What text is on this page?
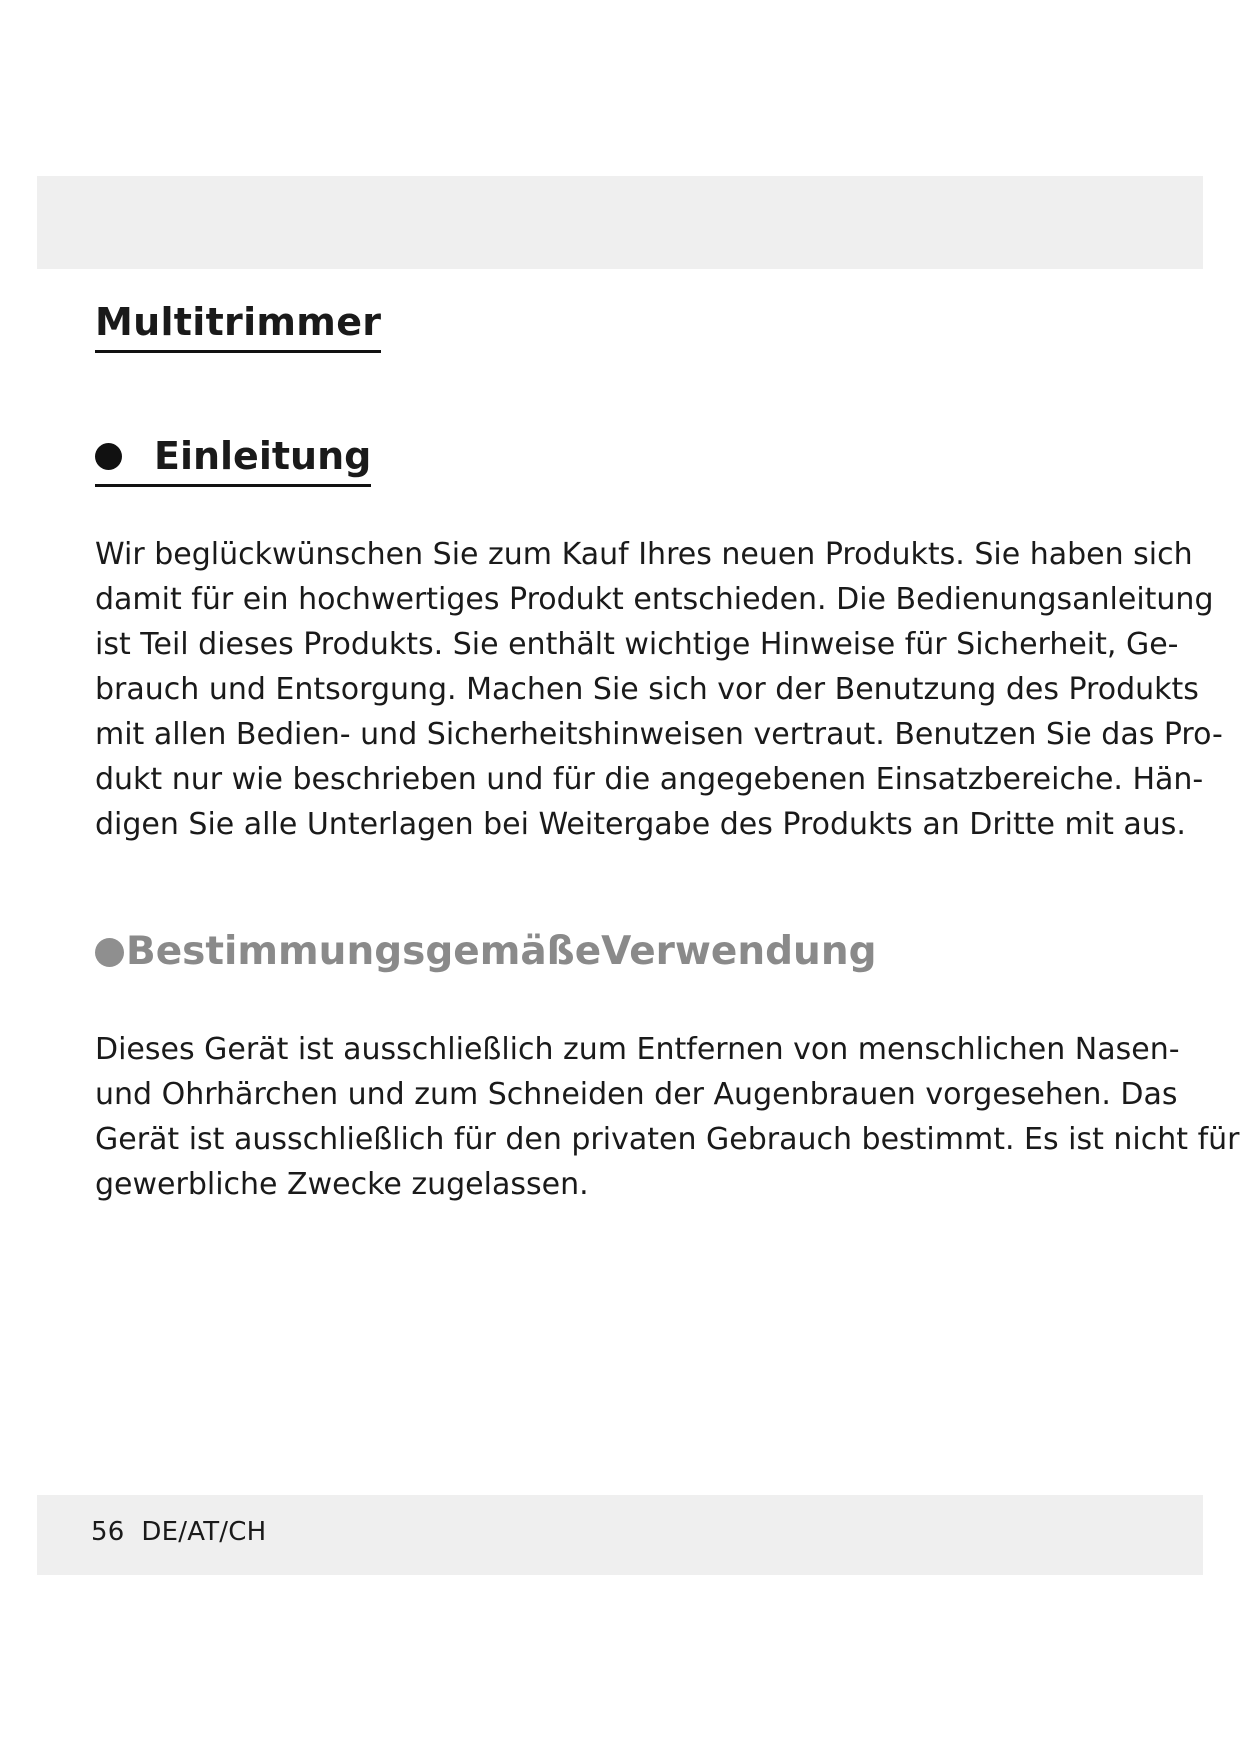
Multitrimmer
Einleitung

Wir beglückwünschen Sie zum Kauf Ihres neuen Produkts. Sie haben sich
damit für ein hochwertiges Produkt entschieden. Die Bedienungsanleitung
ist Teil dieses Produkts. Sie enthält wichtige Hinweise für Sicherheit, Ge-
brauch und Entsorgung. Machen Sie sich vor der Benutzung des Produkts
mit allen Bedien- und Sicherheitshinweisen vertraut. Benutzen Sie das Pro-
dukt nur wie beschrieben und für die angegebenen Einsatzbereiche. Hän-
digen Sie alle Unterlagen bei Weitergabe des Produkts an Dritte mit aus.

BestimmungsgemäßeVerwendung

Dieses Gerät ist ausschließlich zum Entfernen von menschlichen Nasen-
und Ohrhärchen und zum Schneiden der Augenbrauen vorgesehen. Das
Gerät ist ausschließlich für den privaten Gebrauch bestimmt. Es ist nicht für
gewerbliche Zwecke zugelassen.

56 DE/AT/CH
